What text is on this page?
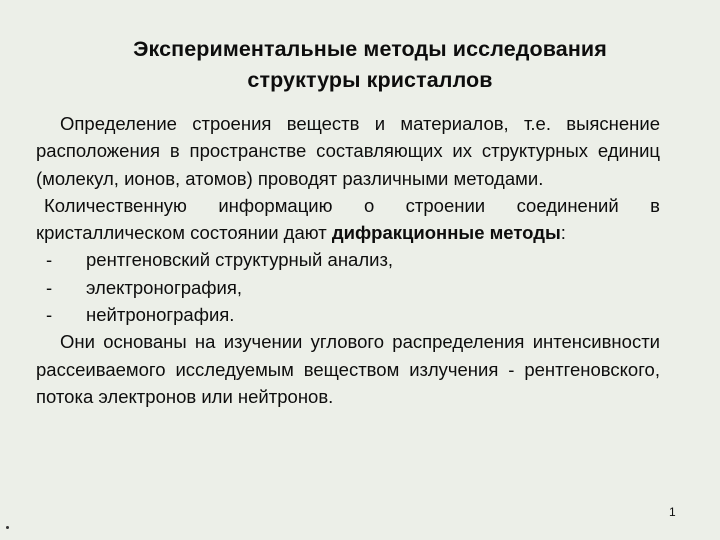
Экспериментальные методы исследования
структуры кристаллов

Определение строения веществ и материалов, т.е. выяснение расположения в пространстве составляющих их структурных единиц (молекул, ионов, атомов) проводят различными методами.

Количественную информацию о строении соединений в кристаллическом состоянии дают дифракционные методы:

-	рентгеновский структурный анализ,
-	электронография,
-	нейтронография.

Они основаны на изучении углового распределения интенсивности рассеиваемого исследуемым веществом излучения - рентгеновского, потока электронов или нейтронов.

1
